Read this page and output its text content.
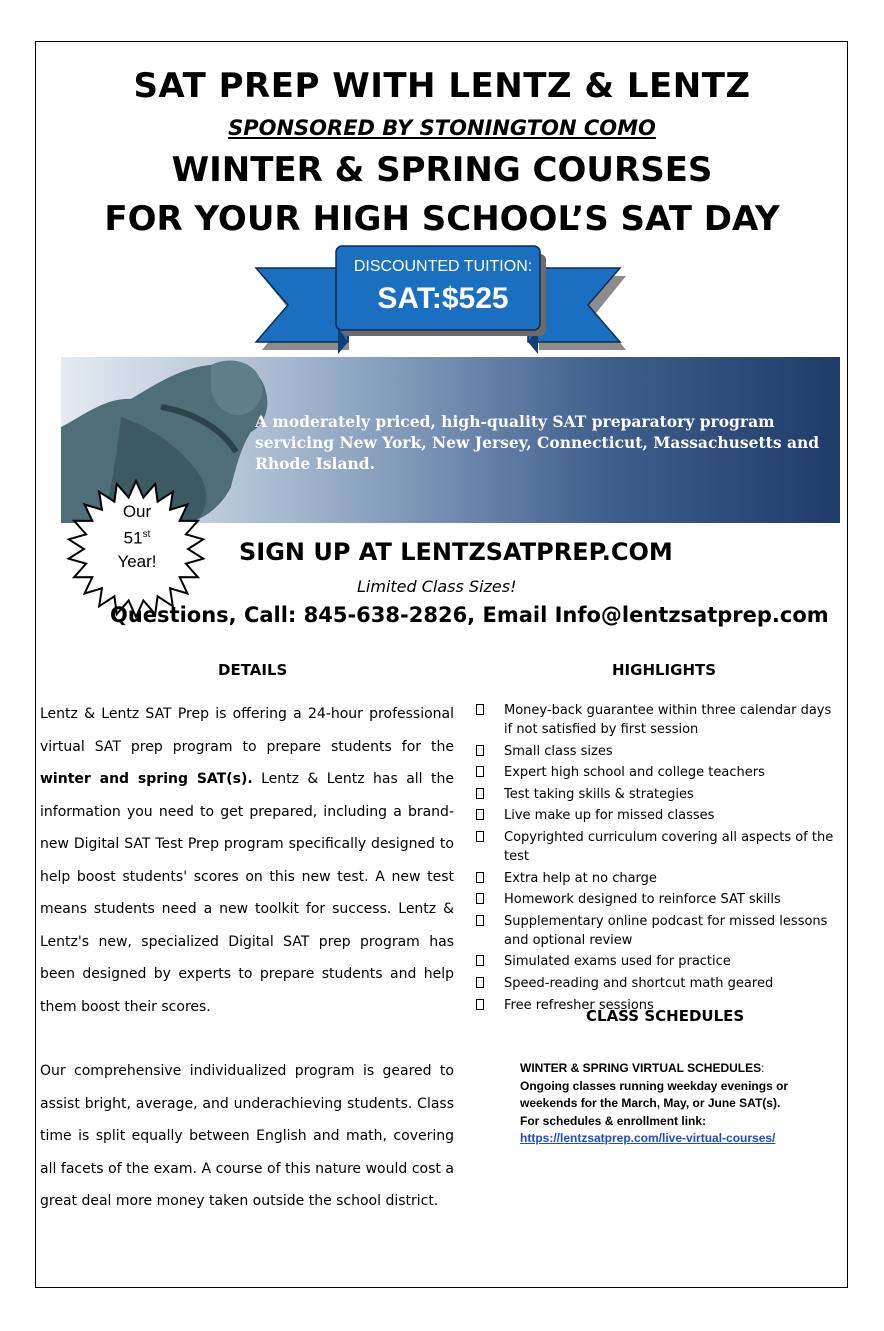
SAT PREP WITH LENTZ & LENTZ
SPONSORED BY STONINGTON COMO
WINTER & SPRING COURSES
FOR YOUR HIGH SCHOOL’S SAT DAY
DISCOUNTED TUITION:
SAT:$525
A moderately priced, high-quality SAT preparatory program servicing New York, New Jersey, Connecticut, Massachusetts and Rhode Island.
Our
51st
Year!	SIGN UP AT LENTZSATPREP.COM
Limited Class Sizes!
Questions, Call: 845-638-2826, Email Info@lentzsatprep.com
DETAILS

Lentz & Lentz SAT Prep is offering a 24-hour professional virtual SAT prep program to prepare students for the winter and spring SAT(s). Lentz & Lentz has all the information you need to get prepared, including a brand-new Digital SAT Test Prep program specifically designed to help boost students' scores on this new test. A new test means students need a new toolkit for success. Lentz & Lentz's new, specialized Digital SAT prep program has been designed by experts to prepare students and help them boost their scores.

Our comprehensive individualized program is geared to assist bright, average, and underachieving students. Class time is split equally between English and math, covering all facets of the exam. A course of this nature would cost a great deal more money taken outside the school district.

HIGHLIGHTS
Money-back guarantee within three calendar days if not satisfied by first session
Small class sizes
Expert high school and college teachers
Test taking skills & strategies
Live make up for missed classes
Copyrighted curriculum covering all aspects of the test
Extra help at no charge
Homework designed to reinforce SAT skills
Supplementary online podcast for missed lessons and optional review
Simulated exams used for practice
Speed-reading and shortcut math geared
Free refresher sessions
CLASS SCHEDULES
WINTER & SPRING VIRTUAL SCHEDULES:
Ongoing classes running weekday evenings or weekends for the March, May, or June SAT(s).
For schedules & enrollment link:
https://lentzsatprep.com/live-virtual-courses/
